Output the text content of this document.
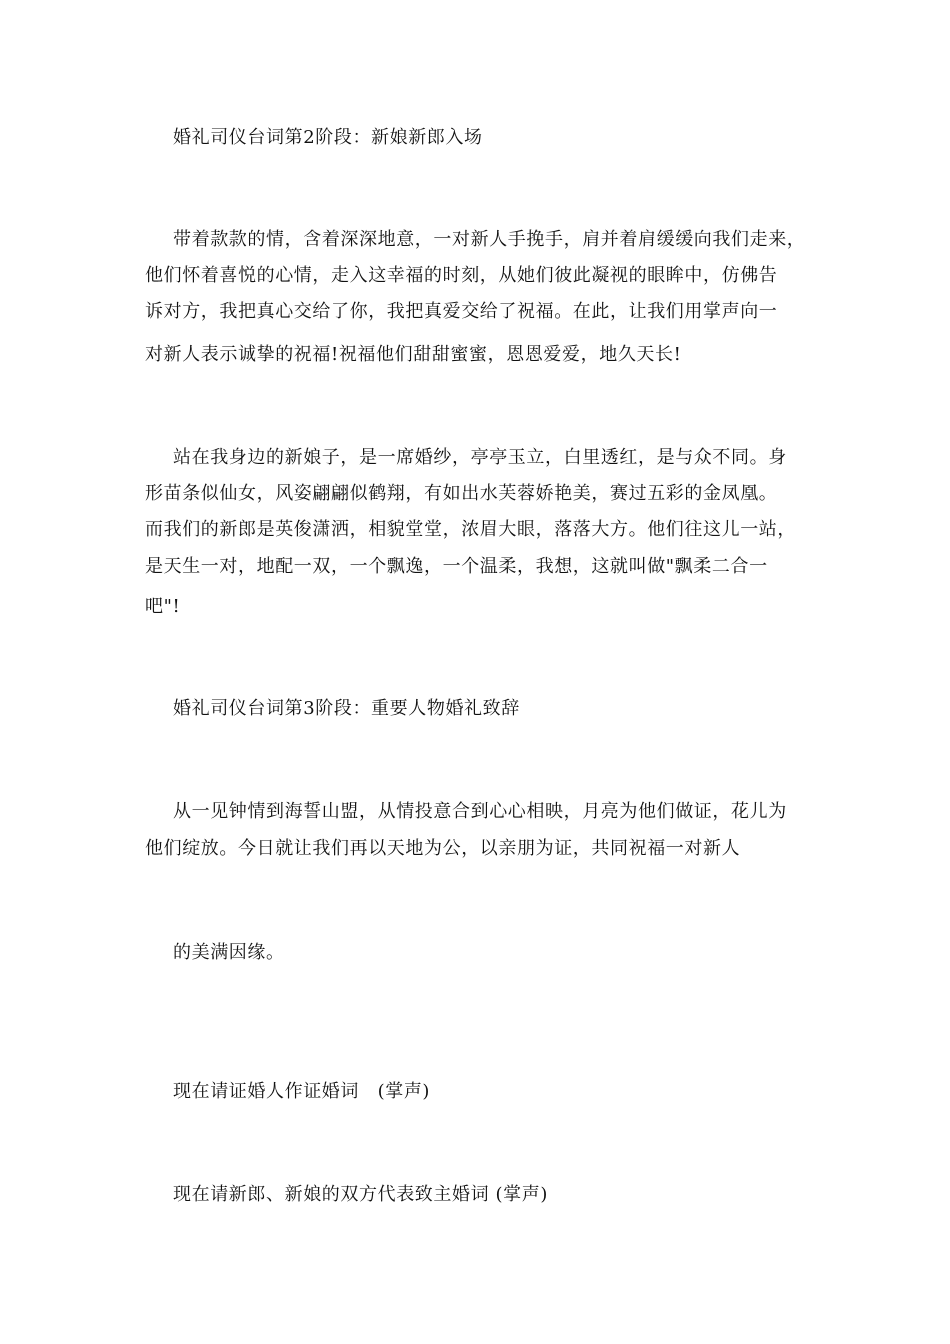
婚礼司仪台词第2阶段：新娘新郎入场
带着款款的情，含着深深地意，一对新人手挽手，肩并着肩缓缓向我们走来，
他们怀着喜悦的心情，走入这幸福的时刻，从她们彼此凝视的眼眸中，仿佛告
诉对方，我把真心交给了你，我把真爱交给了祝福。在此，让我们用掌声向一
对新人表示诚挚的祝福!祝福他们甜甜蜜蜜，恩恩爱爱，地久天长!
站在我身边的新娘子，是一席婚纱，亭亭玉立，白里透红，是与众不同。身
形苗条似仙女，风姿翩翩似鹤翔，有如出水芙蓉娇艳美，赛过五彩的金凤凰。
而我们的新郎是英俊潇洒，相貌堂堂，浓眉大眼，落落大方。他们往这儿一站，
是天生一对，地配一双，一个飘逸，一个温柔，我想，这就叫做"飘柔二合一
吧"!
婚礼司仪台词第3阶段：重要人物婚礼致辞
从一见钟情到海誓山盟，从情投意合到心心相映，月亮为他们做证，花儿为
他们绽放。今日就让我们再以天地为公，以亲朋为证，共同祝福一对新人
的美满因缘。
现在请证婚人作证婚词　(掌声)
现在请新郎、新娘的双方代表致主婚词 (掌声)
